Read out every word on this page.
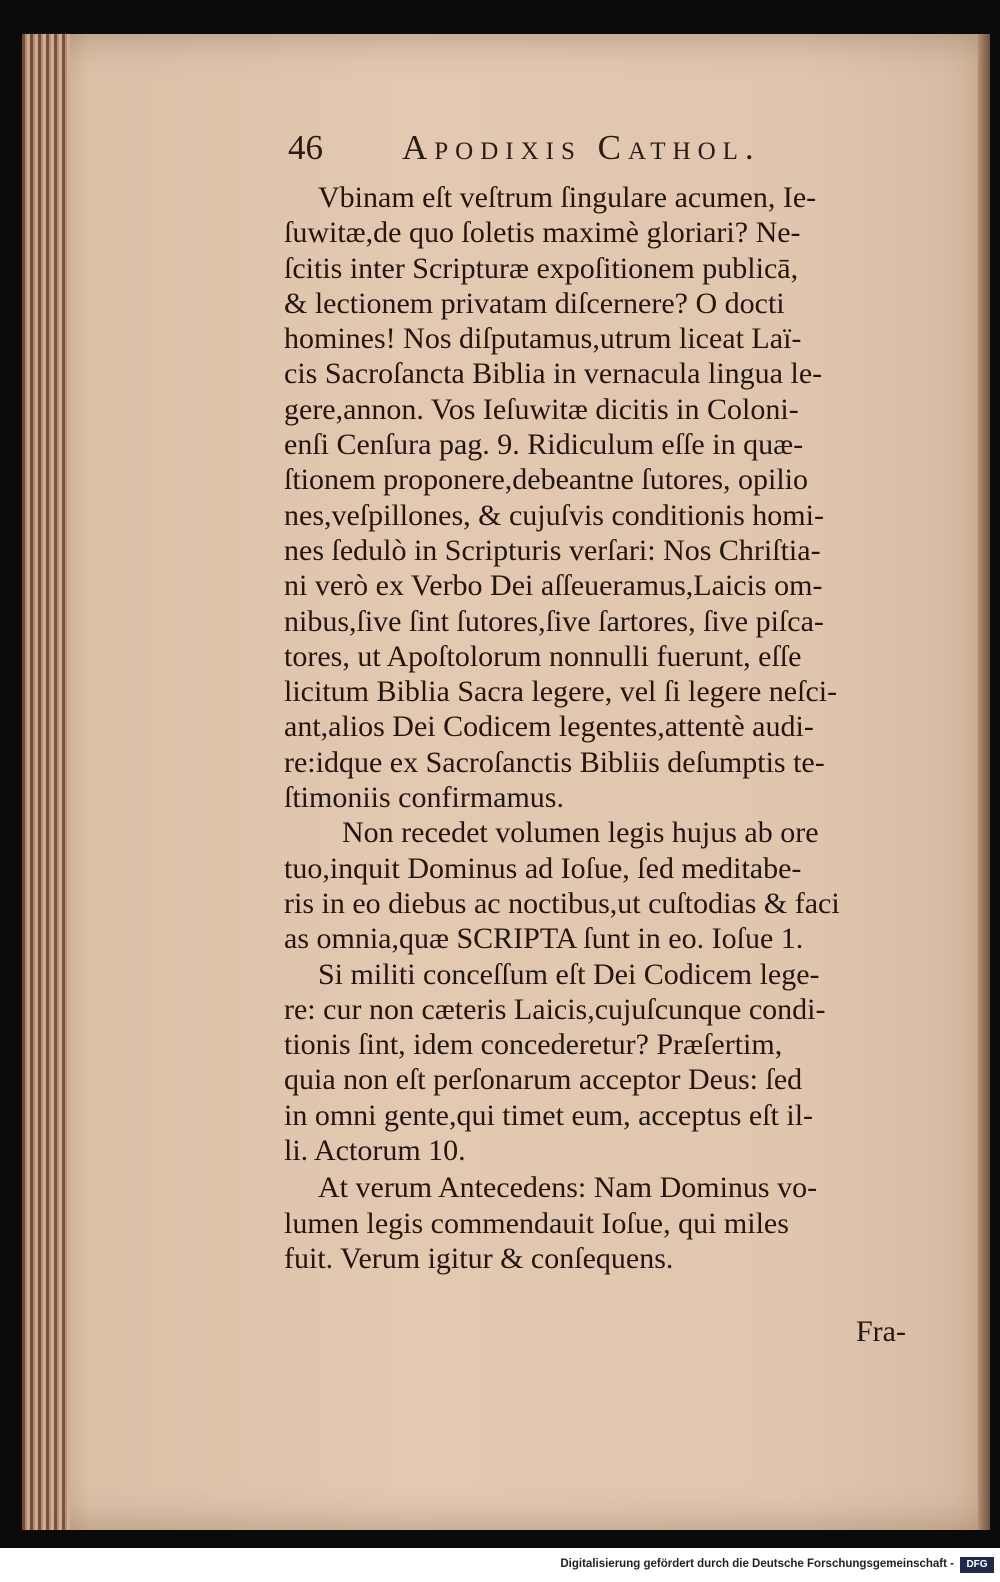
46 Apodixis Cathol.
Vbinam eſt veſtrum ſingulare acumen, Ie-
ſuwitæ,de quo ſoletis maximè gloriari? Ne-
ſcitis inter Scripturæ expoſitionem publicā,
& lectionem privatam diſcernere? O docti
homines! Nos diſputamus,utrum liceat Laï-
cis Sacroſancta Biblia in vernacula lingua le-
gere,annon. Vos Ieſuwitæ dicitis in Coloni-
enſi Cenſura pag. 9. Ridiculum eſſe in quæ-
ſtionem proponere,debeantne ſutores, opilio
nes,veſpillones, & cujuſvis conditionis homi-
nes ſedulò in Scripturis verſari: Nos Chriſtia-
ni verò ex Verbo Dei aſſeueramus,Laicis om-
nibus,ſive ſint ſutores,ſive ſartores, ſive piſca-
tores, ut Apoſtolorum nonnulli fuerunt, eſſe
licitum Biblia Sacra legere, vel ſi legere neſci-
ant,alios Dei Codicem legentes,attentè audi-
re:idque ex Sacroſanctis Bibliis deſumptis te-
ſtimoniis confirmamus.
Non recedet volumen legis hujus ab ore
tuo,inquit Dominus ad Ioſue, ſed meditabe-
ris in eo diebus ac noctibus,ut cuſtodias & faci
as omnia,quæ SCRIPTA ſunt in eo. Ioſue 1.
Si militi conceſſum eſt Dei Codicem lege-
re: cur non cæteris Laicis,cujuſcunque condi-
tionis ſint, idem concederetur? Præſertim,
quia non eſt perſonarum acceptor Deus: ſed
in omni gente,qui timet eum, acceptus eſt il-
li. Actorum 10.
At verum Antecedens: Nam Dominus vo-
lumen legis commendauit Ioſue, qui miles
fuit. Verum igitur & conſequens.
Fra-
Digitalisierung gefördert durch die Deutsche Forschungsgemeinschaft -	DFG
